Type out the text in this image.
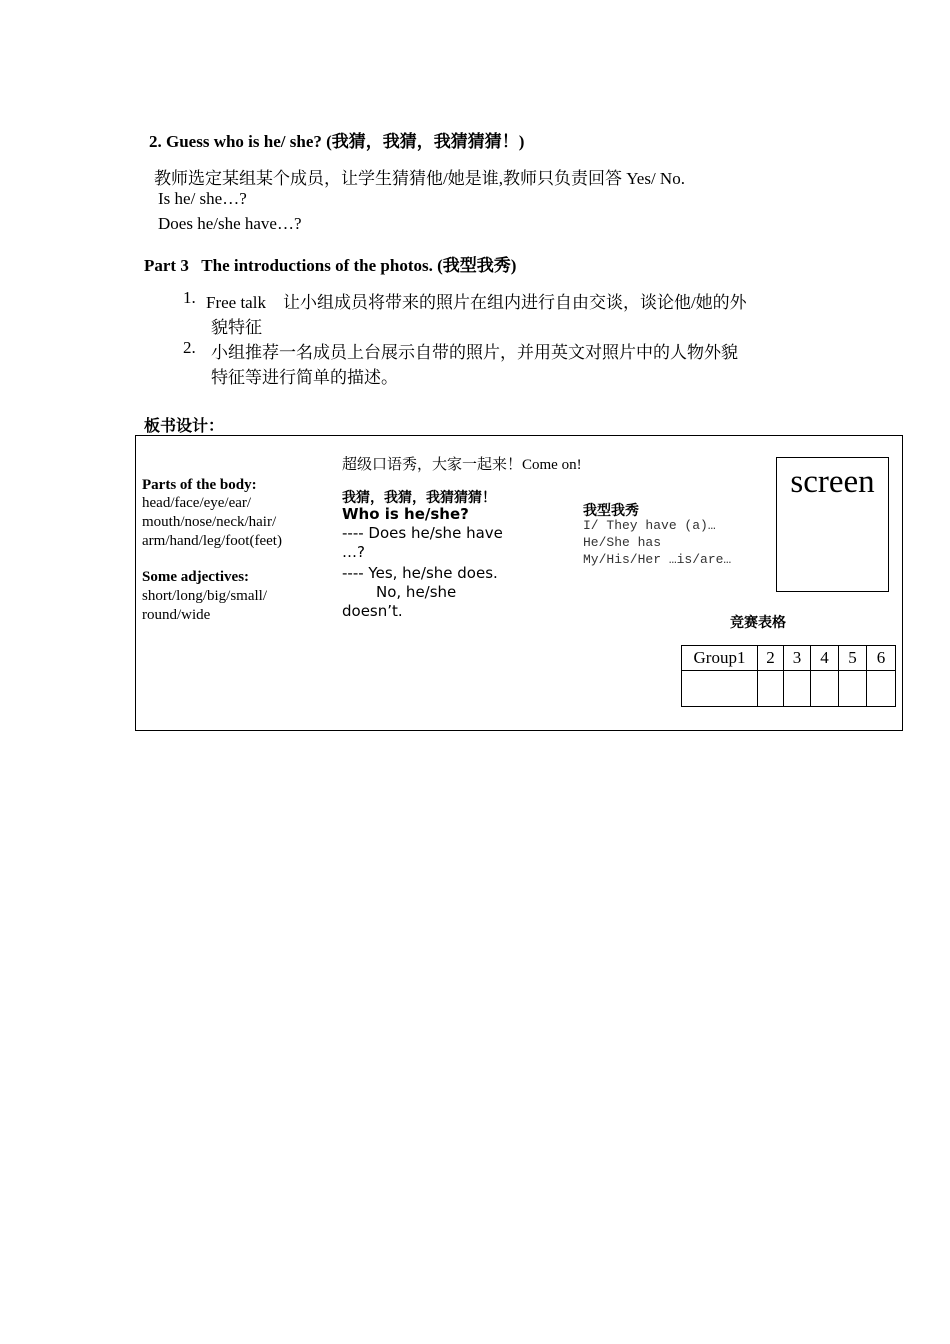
2. Guess who is he/ she? (我猜，我猜，我猜猜猜！)
教师选定某组某个成员，让学生猜猜他/她是谁,教师只负责回答 Yes/ No.
Is he/ she…?
Does he/she have…?
Part 3   The introductions of the photos. (我型我秀)
1. Free talk    让小组成员将带来的照片在组内进行自由交谈，谈论他/她的外
貌特征
2. 小组推荐一名成员上台展示自带的照片，并用英文对照片中的人物外貌
特征等进行简单的描述。
板书设计：
超级口语秀，大家一起来！Come on!
Parts of the body:
head/face/eye/ear/
mouth/nose/neck/hair/
arm/hand/leg/foot(feet)
Some adjectives:
short/long/big/small/
round/wide
我猜，我猜，我猜猜猜！
Who is he/she?
---- Does he/she have
…?
---- Yes, he/she does.
No, he/she
doesn’t.
我型我秀
I/ They have (a)…
He/She has
My/His/Her …is/are…
screen
竞赛表格
Group1	2	3	4	5	6
